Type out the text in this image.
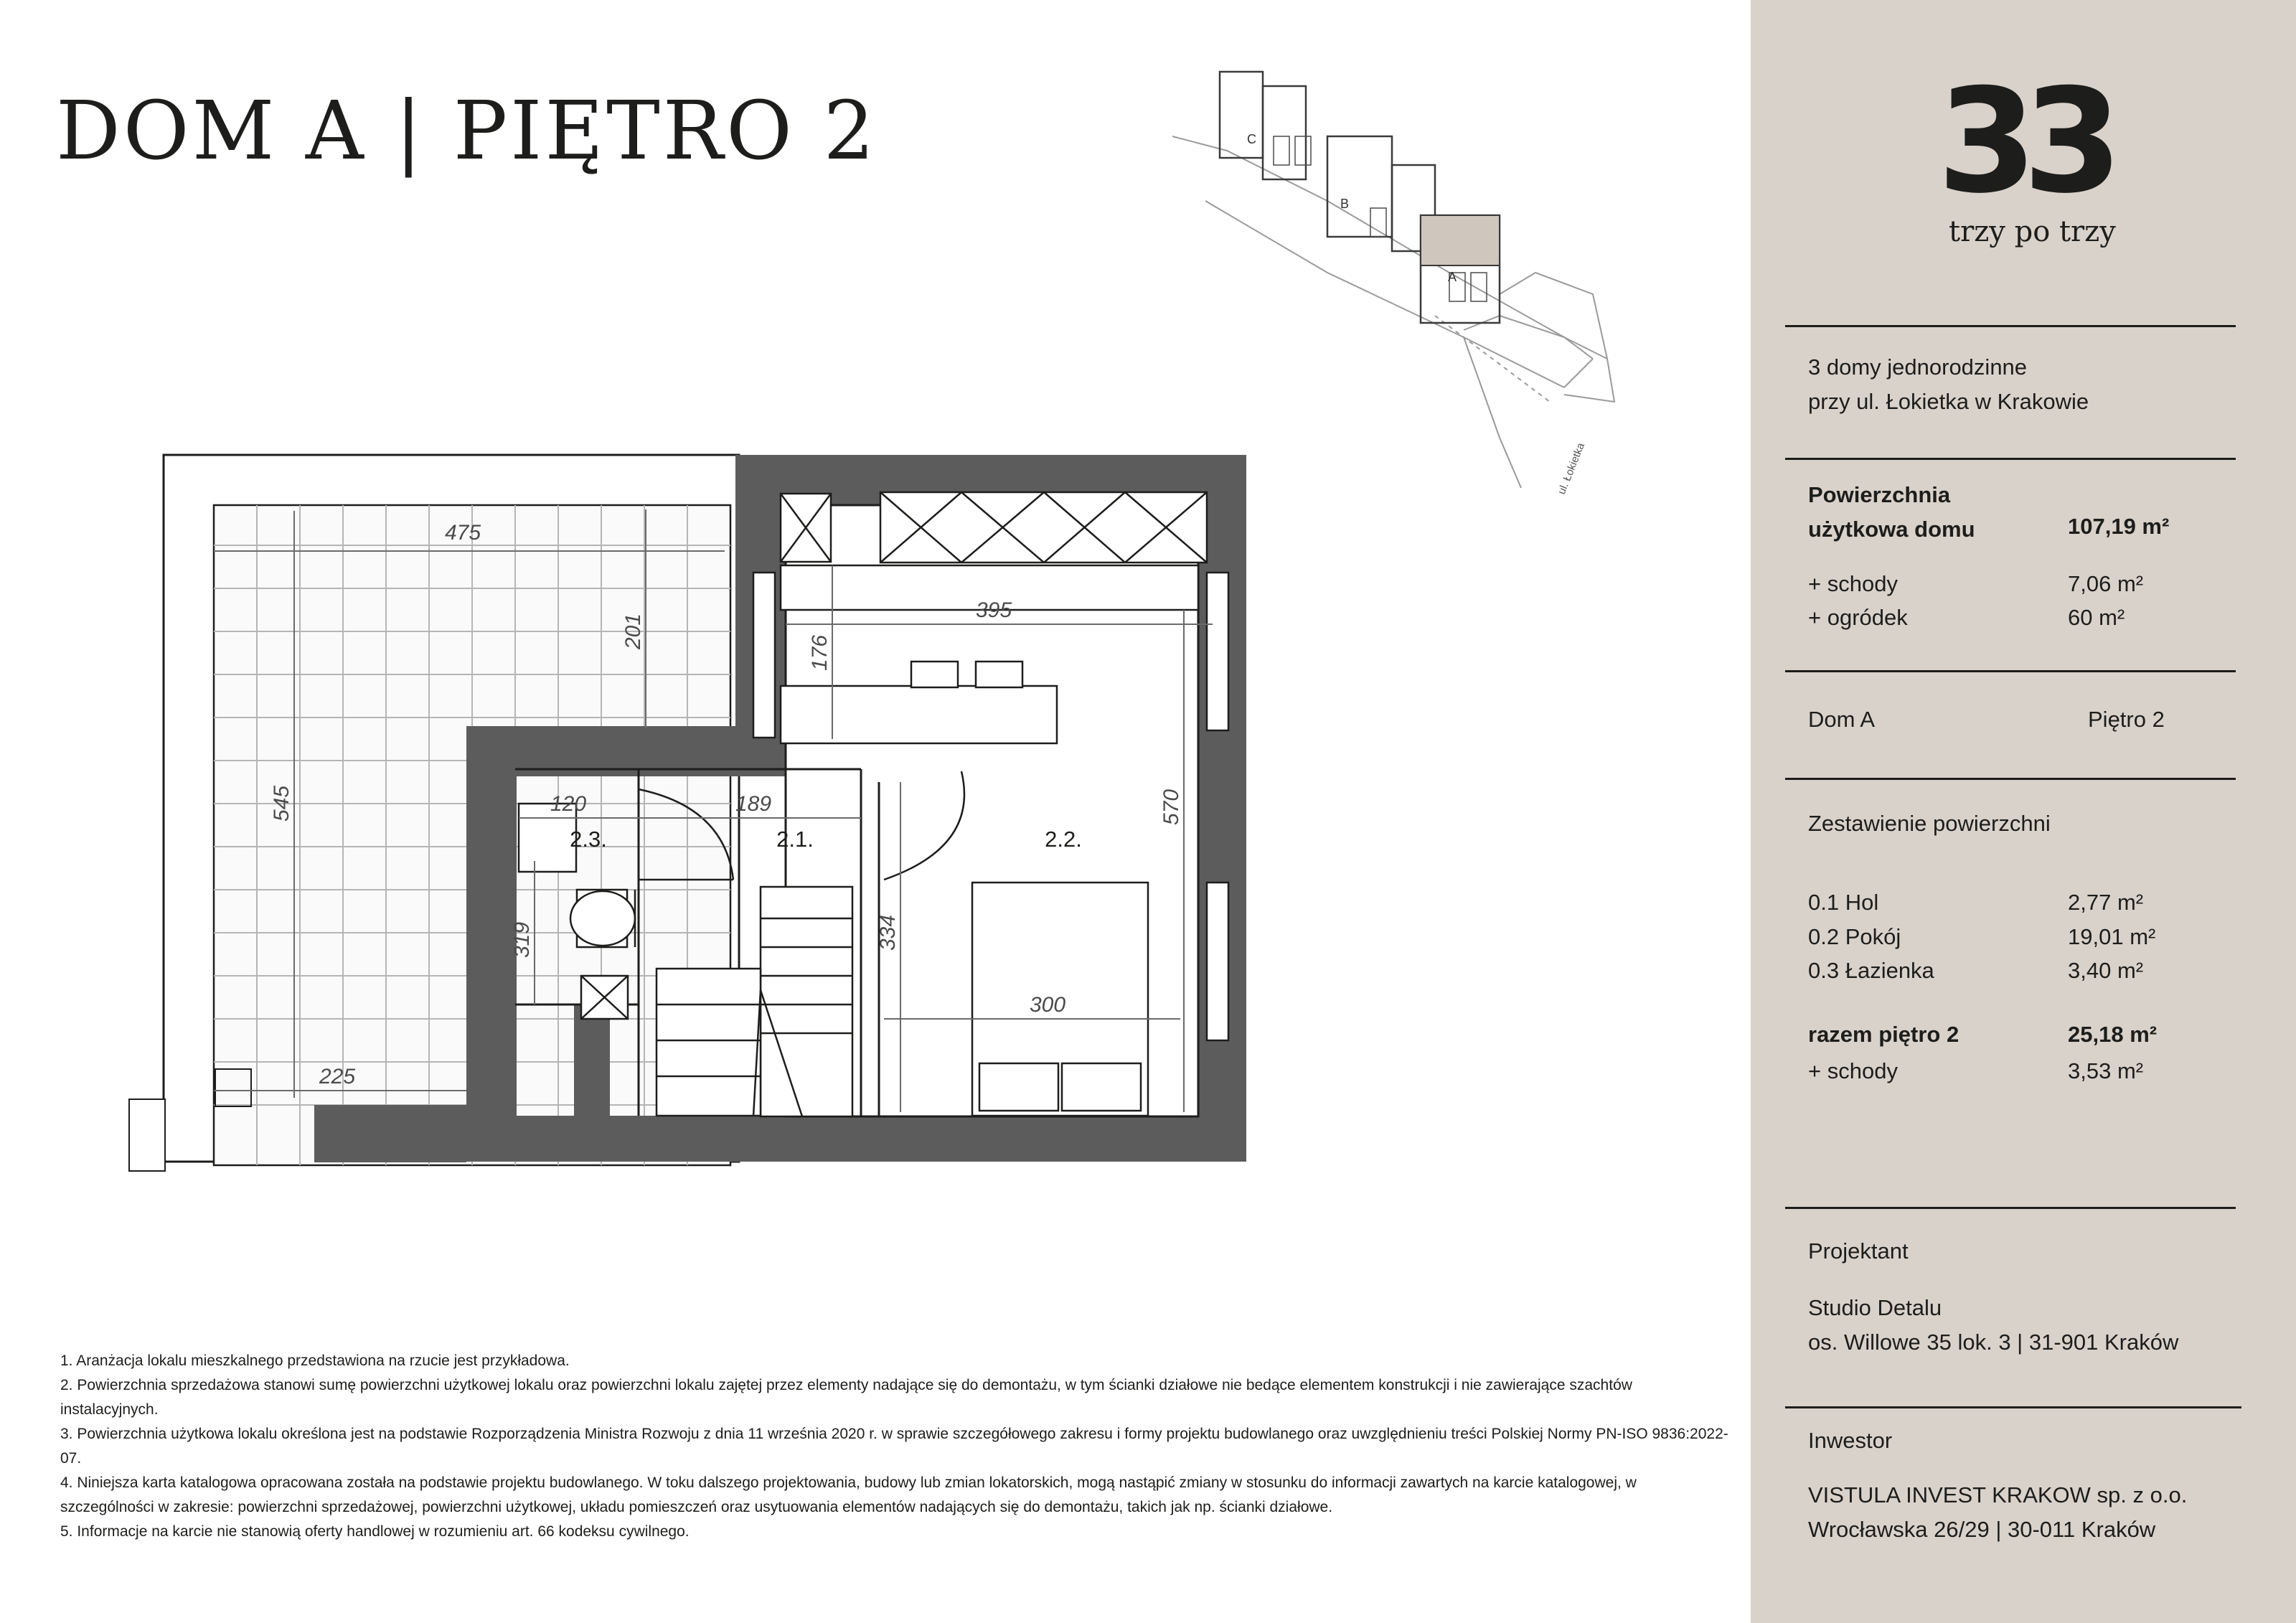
DOM A | PIĘTRO 2	C
B
A
ul. Łokietka
475
201
545
225
395
176
570
120	189
319	334
300
2.3.	2.1.	2.2.

1. Aranżacja lokalu mieszkalnego przedstawiona na rzucie jest przykładowa.

2. Powierzchnia sprzedażowa stanowi sumę powierzchni użytkowej lokalu oraz powierzchni lokalu zajętej przez elementy nadające się do demontażu, w tym ścianki działowe nie bedące elementem konstrukcji i nie zawierające szachtów instalacyjnych.

3. Powierzchnia użytkowa lokalu określona jest na podstawie Rozporządzenia Ministra Rozwoju z dnia 11 września 2020 r. w sprawie szczegółowego zakresu i formy projektu budowlanego oraz uwzględnieniu treści Polskiej Normy PN-ISO 9836:2022-07.

4. Niniejsza karta katalogowa opracowana została na podstawie projektu budowlanego. W toku dalszego projektowania, budowy lub zmian lokatorskich, mogą nastąpić zmiany w stosunku do informacji zawartych na karcie katalogowej, w szczególności w zakresie: powierzchni sprzedażowej, powierzchni użytkowej, układu pomieszczeń oraz usytuowania elementów nadających się do demontażu, takich jak np. ścianki działowe.

5. Informacje na karcie nie stanowią oferty handlowej w rozumieniu art. 66 kodeksu cywilnego.

33
trzy po trzy
3 domy jednorodzinne
przy ul. Łokietka w Krakowie
Powierzchnia
użytkowa domu	107,19 m²
+ schody	7,06 m²
+ ogródek	60 m²
Dom A	Piętro 2
Zestawienie powierzchni
0.1 Hol	2,77 m²
0.2 Pokój	19,01 m²
0.3 Łazienka	3,40 m²
razem piętro 2	25,18 m²
+ schody	3,53 m²
Projektant
Studio Detalu
os. Willowe 35 lok. 3 | 31-901 Kraków
Inwestor
VISTULA INVEST KRAKOW sp. z o.o.
Wrocławska 26/29 | 30-011 Kraków
